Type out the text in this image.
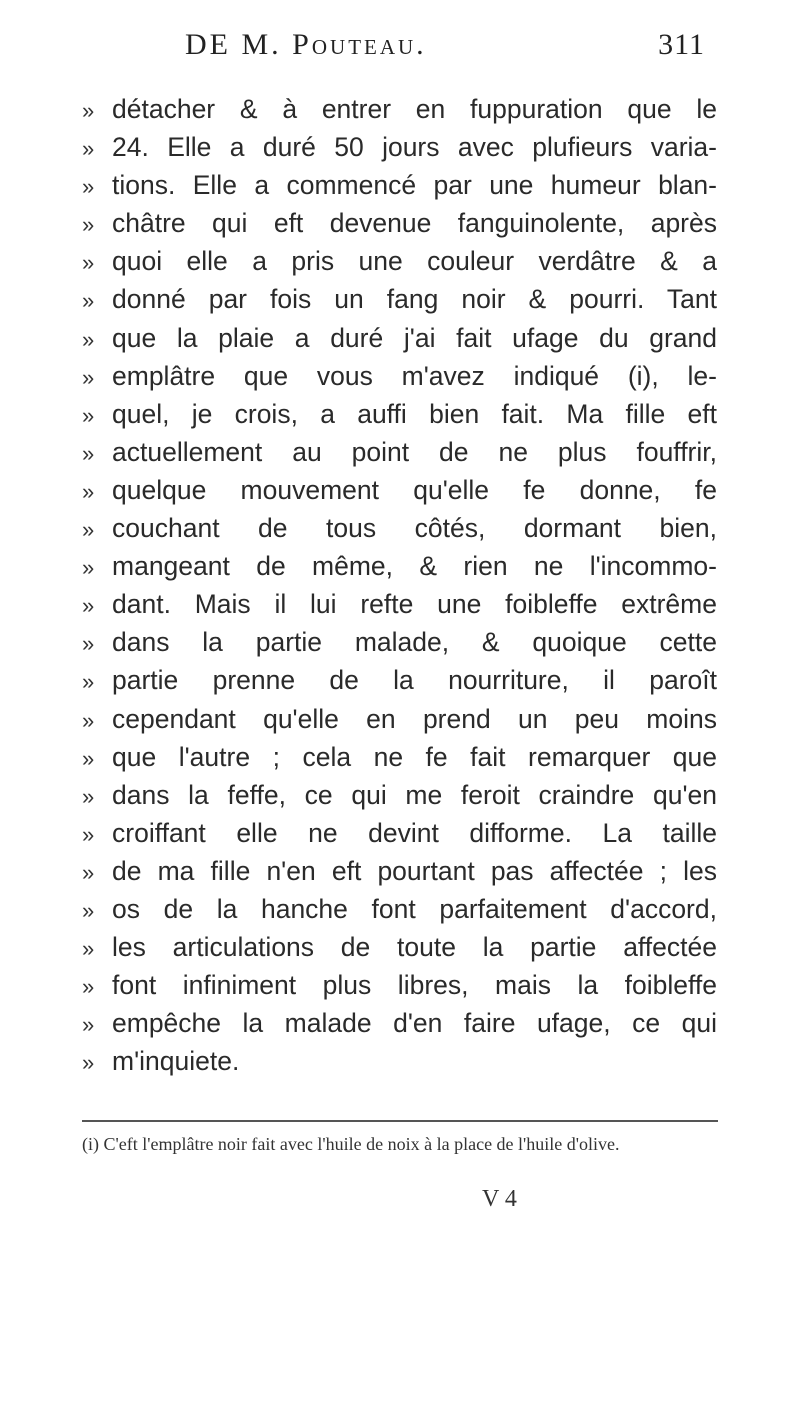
DE M. Pouteau.	311
» détacher & à entrer en fuppuration que le
» 24. Elle a duré 50 jours avec plufieurs varia-
» tions. Elle a commencé par une humeur blan-
» châtre qui eft devenue fanguinolente, après
» quoi elle a pris une couleur verdâtre & a
» donné par fois un fang noir & pourri. Tant
» que la plaie a duré j'ai fait ufage du grand
» emplâtre que vous m'avez indiqué (i), le-
» quel, je crois, a auffi bien fait. Ma fille eft
» actuellement au point de ne plus fouffrir,
» quelque mouvement qu'elle fe donne, fe
» couchant de tous côtés, dormant bien,
» mangeant de même, & rien ne l'incommo-
» dant. Mais il lui refte une foibleffe extrême
» dans la partie malade, & quoique cette
» partie prenne de la nourriture, il paroît
» cependant qu'elle en prend un peu moins
» que l'autre ; cela ne fe fait remarquer que
» dans la feffe, ce qui me feroit craindre qu'en
» croiffant elle ne devint difforme. La taille
» de ma fille n'en eft pourtant pas affectée ; les
» os de la hanche font parfaitement d'accord,
» les articulations de toute la partie affectée
» font infiniment plus libres, mais la foibleffe
» empêche la malade d'en faire ufage, ce qui
» m'inquiete.
(i) C'eft l'emplâtre noir fait avec l'huile de noix à la place de l'huile d'olive.
V 4
